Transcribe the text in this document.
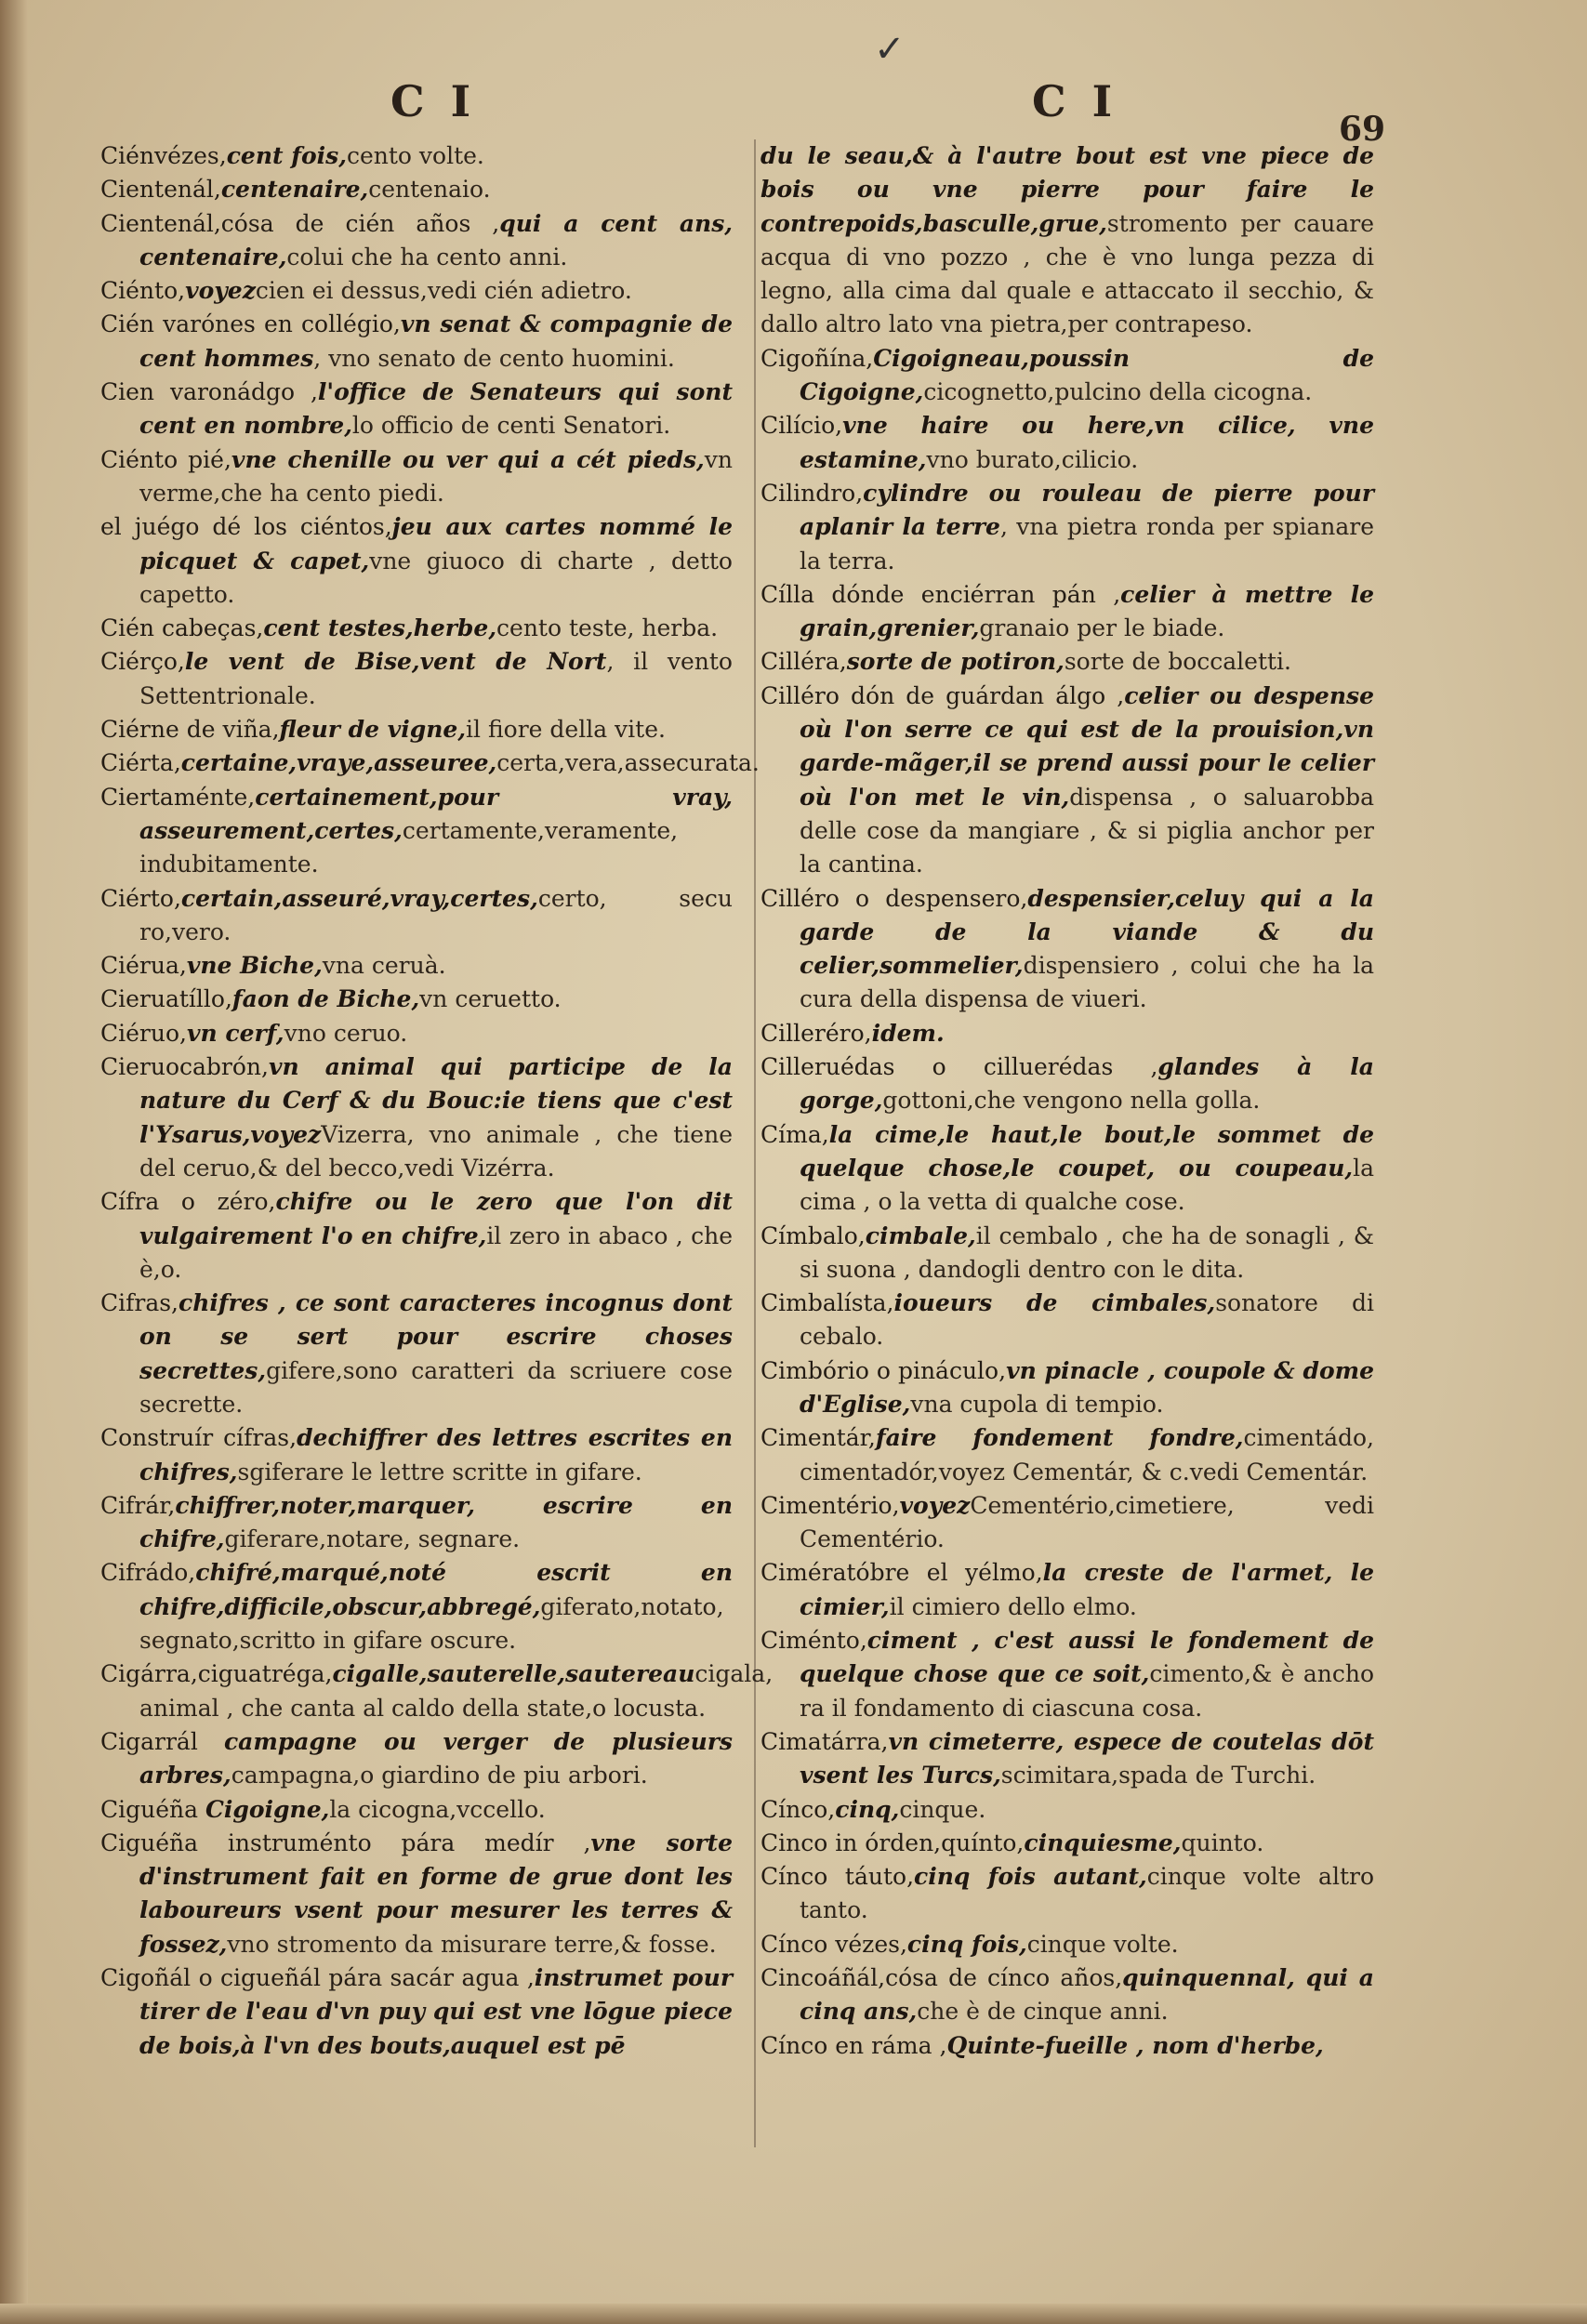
✓
C I	C I
69
Ciénvézes,cent fois,cento volte.
Cientenál,centenaire,centenaio.
Cientenál,cósa de cién años ,qui a cent ans, centenaire,colui che ha cento anni.
Ciénto,voyezcien ei dessus,vedi cién adietro.
Cién varónes en collégio,vn senat & compagnie de cent hommes, vno senato de cento huomini.
Cien varonádgo ,l'office de Senateurs qui sont cent en nombre,lo officio de centi Senatori.
Ciénto pié,vne chenille ou ver qui a cét pieds,vn verme,che ha cento piedi.
el juégo dé los ciéntos,jeu aux cartes nommé le picquet & capet,vne giuoco di charte , detto capetto.
Cién cabeças,cent testes,herbe,cento teste, herba.
Ciérço,le vent de Bise,vent de Nort, il vento Settentrionale.
Ciérne de viña,fleur de vigne,il fiore della vite.
Ciérta,certaine,vraye,asseuree,certa,vera,assecurata.
Ciertaménte,certainement,pour vray, asseurement,certes,certamente,veramente, indubitamente.
Ciérto,certain,asseuré,vray,certes,certo, secu ro,vero.
Ciérua,vne Biche,vna ceruà.
Cieruatíllo,faon de Biche,vn ceruetto.
Ciéruo,vn cerf,vno ceruo.
Cieruocabrón,vn animal qui participe de la nature du Cerf & du Bouc:ie tiens que c'est l'Ysarus,voyezVizerra, vno animale , che tiene del ceruo,& del becco,vedi Vizérra.
Cífra o zéro,chifre ou le zero que l'on dit vulgairement l'o en chifre,il zero in abaco , che è,o.
Cifras,chifres , ce sont caracteres incognus dont on se sert pour escrire choses secrettes,gifere,sono caratteri da scriuere cose secrette.
Construír cífras,dechiffrer des lettres escrites en chifres,sgiferare le lettre scritte in gifare.
Cifrár,chiffrer,noter,marquer, escrire en chifre,giferare,notare, segnare.
Cifrádo,chifré,marqué,noté escrit en chifre,difficile,obscur,abbregé,giferato,notato, segnato,scritto in gifare oscure.
Cigárra,ciguatréga,cigalle,sauterelle,sautereaucigala, animal , che canta al caldo della state,o locusta.
Cigarrál campagne ou verger de plusieurs arbres,campagna,o giardino de piu arbori.
Ciguéña Cigoigne,la cicogna,vccello.
Ciguéña instruménto pára medír ,vne sorte d'instrument fait en forme de grue dont les laboureurs vsent pour mesurer les terres & fossez,vno stromento da misurare terre,& fosse.
Cigoñál o cigueñál pára sacár agua ,instrumet pour tirer de l'eau d'vn puy qui est vne lōgue piece de bois,à l'vn des bouts,auquel est pē
du le seau,& à l'autre bout est vne piece de bois ou vne pierre pour faire le contrepoids,basculle,grue,stromento per cauare acqua di vno pozzo , che è vno lunga pezza di legno, alla cima dal quale e attaccato il secchio, & dallo altro lato vna pietra,per contrapeso.
Cigoñína,Cigoigneau,poussin de Cigoigne,cicognetto,pulcino della cicogna.
Cilício,vne haire ou here,vn cilice, vne estamine,vno burato,cilicio.
Cilindro,cylindre ou rouleau de pierre pour aplanir la terre, vna pietra ronda per spianare la terra.
Cílla dónde enciérran pán ,celier à mettre le grain,grenier,granaio per le biade.
Cilléra,sorte de potiron,sorte de boccaletti.
Cilléro dón de guárdan álgo ,celier ou despense où l'on serre ce qui est de la prouision,vn garde-mãger,il se prend aussi pour le celier où l'on met le vin,dispensa , o saluarobba delle cose da mangiare , & si piglia anchor per la cantina.
Cilléro o despensero,despensier,celuy qui a la garde de la viande & du celier,sommelier,dispensiero , colui che ha la cura della dispensa de viueri.
Cilleréro,idem.
Cilleruédas o cilluerédas ,glandes à la gorge,gottoni,che vengono nella golla.
Címa,la cime,le haut,le bout,le sommet de quelque chose,le coupet, ou coupeau,la cima , o la vetta di qualche cose.
Címbalo,cimbale,il cembalo , che ha de sonagli , & si suona , dandogli dentro con le dita.
Cimbalísta,ioueurs de cimbales,sonatore di cebalo.
Cimbório o pináculo,vn pinacle , coupole & dome d'Eglise,vna cupola di tempio.
Cimentár,faire fondement fondre,cimentádo, cimentadór,voyez Cementár, & c.vedi Cementár.
Cimentério,voyezCementério,cimetiere, vedi Cementério.
Cimératóbre el yélmo,la creste de l'armet, le cimier,il cimiero dello elmo.
Ciménto,ciment , c'est aussi le fondement de quelque chose que ce soit,cimento,& è ancho ra il fondamento di ciascuna cosa.
Cimatárra,vn cimeterre, espece de coutelas dōt vsent les Turcs,scimitara,spada de Turchi.
Cínco,cinq,cinque.
Cinco in órden,quínto,cinquiesme,quinto.
Cínco táuto,cinq fois autant,cinque volte altro tanto.
Cínco vézes,cinq fois,cinque volte.
Cincoáñál,cósa de cínco años,quinquennal, qui a cinq ans,che è de cinque anni.
Cínco en ráma ,Quinte-fueille , nom d'herbe,
